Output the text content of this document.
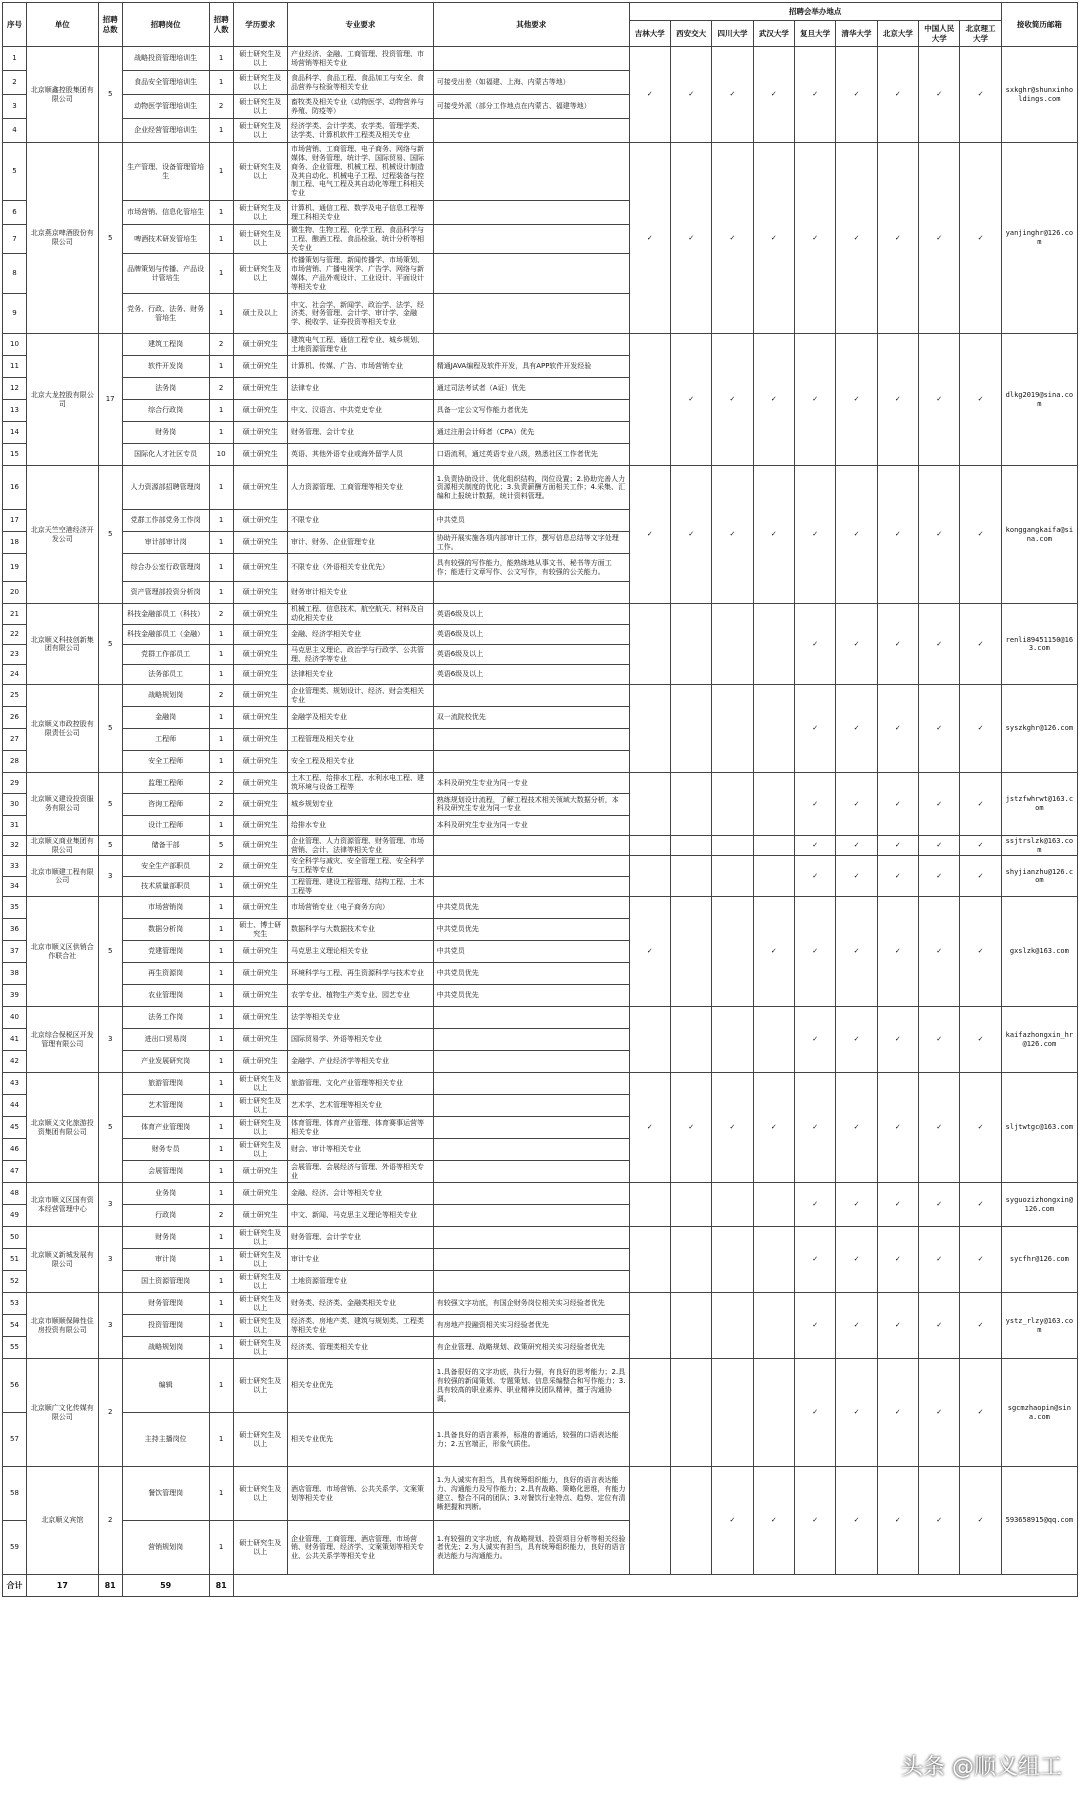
序号	单位	招聘总数	招聘岗位	招聘人数	学历要求	专业要求	其他要求	招聘会举办地点									接收简历邮箱
								吉林大学	西安交大	四川大学	武汉大学	复旦大学	清华大学	北京大学	中国人民大学	北京理工大学	
1	北京顺鑫控股集团有限公司	5	战略投资管理培训生	1	硕士研究生及以上	产业经济、金融、工商管理、投资管理、市场营销等相关专业		✓	✓	✓	✓	✓	✓	✓	✓	✓	sxkghr@shunxinholdings.com
2			食品安全管理培训生	1	硕士研究生及以上	食品科学、食品工程、食品加工与安全、食品营养与检验等相关专业	可接受出差（如福建、上海、内蒙古等地）										
3			动物医学管理培训生	2	硕士研究生及以上	畜牧类及相关专业（动物医学、动物营养与养殖、防疫等）	可接受外派（部分工作地点在内蒙古、福建等地）										
4			企业经营管理培训生	1	硕士研究生及以上	经济学类、会计学类、农学类、管理学类、法学类、计算机软件工程类及相关专业											
5	北京燕京啤酒股份有限公司	5	生产管理、设备管理管培生	1	硕士研究生及以上	市场营销、工商管理、电子商务、网络与新媒体、财务管理、统计学、国际贸易、国际商务、企业管理、机械工程、机械设计制造及其自动化、机械电子工程、过程装备与控制工程、电气工程及其自动化等理工科相关专业		✓	✓	✓	✓	✓	✓	✓	✓	✓	yanjinghr@126.com
6			市场营销、信息化管培生	1	硕士研究生及以上	计算机、通信工程、数学及电子信息工程等理工科相关专业											
7			啤酒技术研发管培生	1	硕士研究生及以上	微生物、生物工程、化学工程、食品科学与工程、酿酒工程、食品检验、统计分析等相关专业											
8			品牌策划与传播、产品设计管培生	1	硕士研究生及以上	传播策划与管理、新闻传播学、市场策划、市场营销、广播电视学、广告学、网络与新媒体、产品外观设计、工业设计、平面设计等相关专业											
9			党务、行政、法务、财务管培生	1	硕士及以上	中文、社会学、新闻学、政治学、法学、经济类、财务管理、会计学、审计学、金融学、税收学、证券投资等相关专业											
10	北京大龙控股有限公司	17	建筑工程岗	2	硕士研究生	建筑电气工程、通信工程专业、城乡规划、土地资源管理专业			✓	✓	✓	✓	✓	✓	✓	✓	dlkg2019@sina.com
11			软件开发岗	1	硕士研究生	计算机、传媒、广告、市场营销专业	精通JAVA编程及软件开发，具有APP软件开发经验										
12			法务岗	2	硕士研究生	法律专业	通过司法考试者（A证）优先										
13			综合行政岗	1	硕士研究生	中文、汉语言、中共党史专业	具备一定公文写作能力者优先										
14			财务岗	1	硕士研究生	财务管理、会计专业	通过注册会计师者（CPA）优先										
15			国际化人才社区专员	10	硕士研究生	英语、其他外语专业或海外留学人员	口语流利，通过英语专业八级，熟悉社区工作者优先										
16	北京天竺空港经济开发公司	5	人力资源部招聘管理岗	1	硕士研究生	人力资源管理、工商管理等相关专业	1.负责协助设计、优化组织结构，岗位设置；2.协助完善人力资源相关制度的优化；3.负责薪酬方面相关工作；4.采集、汇编和上报统计数据，统计资料管理。	✓	✓	✓	✓	✓	✓	✓	✓	✓	konggangkaifa@sina.com
17			党群工作部党务工作岗	1	硕士研究生	不限专业	中共党员										
18			审计部审计岗	1	硕士研究生	审计、财务、企业管理专业	协助开展实施各项内部审计工作，撰写信息总结等文字处理工作。										
19			综合办公室行政管理岗	1	硕士研究生	不限专业（外语相关专业优先）	具有较强的写作能力，能熟练地从事文书、秘书等方面工作；能进行文章写作、公文写作，有较强的公关能力。										
20			资产管理部投资分析岗	1	硕士研究生	财务审计相关专业											
21	北京顺义科技创新集团有限公司	5	科技金融部员工（科技）	2	硕士研究生	机械工程、信息技术、航空航天、材料及自动化相关专业	英语6级及以上					✓	✓	✓	✓	✓	renli89451150@163.com
22			科技金融部员工（金融）	1	硕士研究生	金融、经济学相关专业	英语6级及以上										
23			党群工作部员工	1	硕士研究生	马克思主义理论、政治学与行政学、公共管理、经济学等专业	英语6级及以上										
24			法务部员工	1	硕士研究生	法律相关专业	英语6级及以上										
25	北京顺义市政控股有限责任公司	5	战略规划岗	2	硕士研究生	企业管理类、规划设计、经济、财会类相关专业						✓	✓	✓	✓	✓	syszkghr@126.com
26			金融岗	1	硕士研究生	金融学及相关专业	双一流院校优先										
27			工程师	1	硕士研究生	工程管理及相关专业											
28			安全工程师	1	硕士研究生	安全工程及相关专业											
29	北京顺义建设投资服务有限公司	5	监理工程师	2	硕士研究生	土木工程、给排水工程、水利水电工程、建筑环境与设备工程等	本科及研究生专业为同一专业					✓	✓	✓	✓	✓	jstzfwhrwt@163.com
30			咨询工程师	2	硕士研究生	城乡规划专业	熟练规划设计流程，了解工程技术相关领域大数据分析，本科及研究生专业为同一专业										
31			设计工程师	1	硕士研究生	给排水专业	本科及研究生专业为同一专业										
32	北京顺义商业集团有限公司	5	储备干部	5	硕士研究生	企业管理、人力资源管理、财务管理、市场营销、会计、法律等相关专业						✓	✓	✓	✓	✓	ssjtrslzk@163.com
33	北京市顺建工程有限公司	3	安全生产部职员	2	硕士研究生	安全科学与减灾、安全管理工程、安全科学与工程等专业						✓	✓	✓	✓	✓	shyjianzhu@126.com
34			技术质量部职员	1	硕士研究生	工程管理、建设工程管理、结构工程、土木工程等											
35	北京市顺义区供销合作联合社	5	市场营销岗	1	硕士研究生	市场营销专业（电子商务方向）	中共党员优先	✓			✓	✓	✓	✓	✓	✓	gxslzk@163.com
36			数据分析岗	1	硕士、博士研究生	数据科学与大数据技术专业	中共党员优先										
37			党建管理岗	1	硕士研究生	马克思主义理论相关专业	中共党员										
38			再生资源岗	1	硕士研究生	环境科学与工程、再生资源科学与技术专业	中共党员优先										
39			农业管理岗	1	硕士研究生	农学专业、植物生产类专业、园艺专业	中共党员优先										
40	北京综合保税区开发管理有限公司	3	法务工作岗	1	硕士研究生	法学等相关专业						✓	✓	✓	✓	✓	kaifazhongxin_hr@126.com
41			进出口贸易岗	1	硕士研究生	国际贸易学、外语等相关专业											
42			产业发展研究岗	1	硕士研究生	金融学、产业经济学等相关专业											
43	北京顺义文化旅游投资集团有限公司	5	旅游管理岗	1	硕士研究生及以上	旅游管理、文化产业管理等相关专业		✓	✓	✓	✓	✓	✓	✓	✓	✓	sljtwtgc@163.com
44			艺术管理岗	1	硕士研究生及以上	艺术学、艺术管理等相关专业											
45			体育产业管理岗	1	硕士研究生及以上	体育管理、体育产业管理、体育赛事运营等相关专业											
46			财务专员	1	硕士研究生及以上	财会、审计等相关专业											
47			会展管理岗	1	硕士研究生	会展管理、会展经济与管理、外语等相关专业											
48	北京市顺义区国有资本经营管理中心	3	业务岗	1	硕士研究生	金融、经济、会计等相关专业						✓	✓	✓	✓	✓	syguozizhongxin@126.com
49			行政岗	2	硕士研究生	中文、新闻、马克思主义理论等相关专业											
50	北京顺义新城发展有限公司	3	财务岗	1	硕士研究生及以上	财务管理、会计学专业						✓	✓	✓	✓	✓	sycfhr@126.com
51			审计岗	1	硕士研究生及以上	审计专业											
52			国土资源管理岗	1	硕士研究生及以上	土地资源管理专业											
53	北京市顺顺保障性住房投资有限公司	3	财务管理岗	1	硕士研究生及以上	财务类、经济类、金融类相关专业	有较强文字功底，有国企财务岗位相关实习经验者优先					✓	✓	✓	✓	✓	ystz_rlzy@163.com
54			投资管理岗	1	硕士研究生及以上	经济类、房地产类、建筑与规划类、工程类等相关专业	有房地产投融资相关实习经验者优先										
55			战略规划岗	1	硕士研究生及以上	经济类、管理类相关专业	有企业管理、战略规划、政策研究相关实习经验者优先										
56	北京顺广文化传媒有限公司	2	编辑	1	硕士研究生及以上	相关专业优先	1.具备很好的文字功底，执行力强，有良好的思考能力；2.具有较强的新闻策划、专题策划、信息采编整合和写作能力；3.具有较高的职业素养、职业精神及团队精神，擅于沟通协调。					✓	✓	✓	✓	✓	sgcmzhaopin@sina.com
57			主持主播岗位	1	硕士研究生及以上	相关专业优先	1.具备良好的语言素养，标准的普通话，较强的口语表达能力；2.五官端正，形象气质佳。										
58	北京顺义宾馆	2	餐饮管理岗	1	硕士研究生及以上	酒店管理、市场营销、公共关系学、文案策划等相关专业	1.为人诚实有担当，具有统筹组织能力，良好的语言表达能力、沟通能力及写作能力；2.具有战略、策略化思维，有能力建立、整合不同的团队；3.对餐饮行业特点、趋势、定位有清晰把握和判断。			✓	✓	✓	✓	✓	✓	✓	593658915@qq.com
59			营销规划岗	1	硕士研究生及以上	企业管理、工商管理、酒店管理、市场营销、财务管理、经济学、文案策划等相关专业、公共关系学等相关专业	1.有较强的文字功底，有战略规划、投资项目分析等相关经验者优先；2.为人诚实有担当，具有统筹组织能力，良好的语言表达能力与沟通能力。										
合计	17	81	59	81													
头条 @顺义组工
